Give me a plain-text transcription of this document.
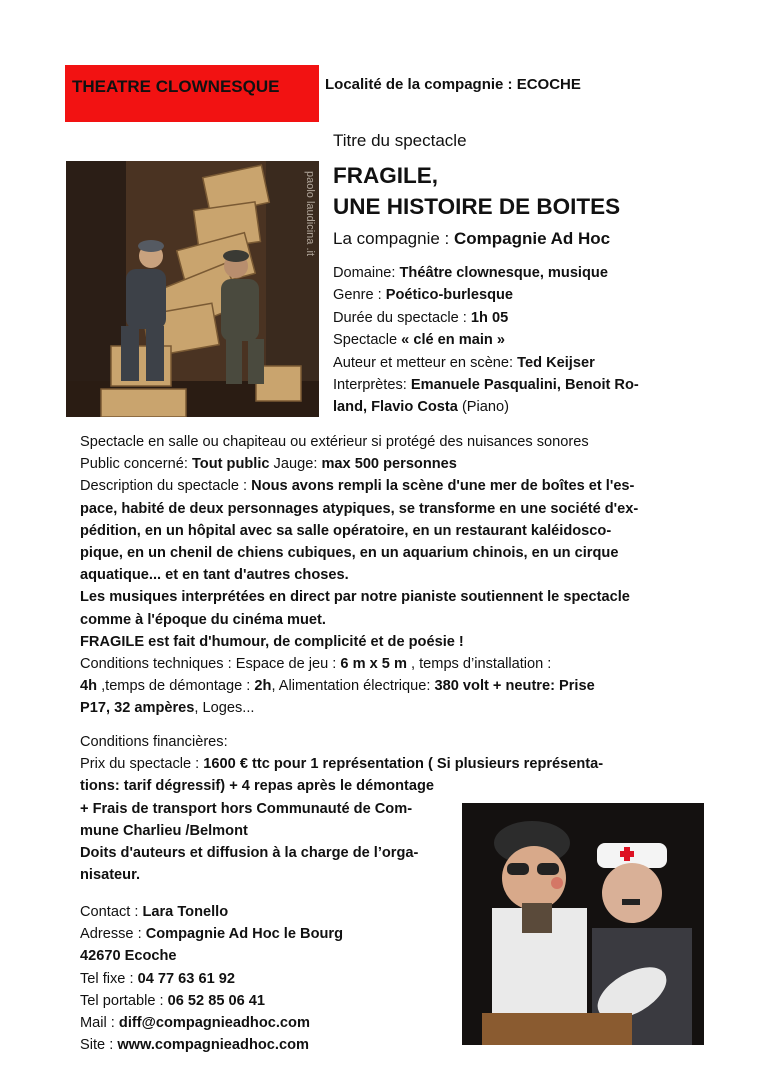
THEATRE CLOWNESQUE	Localité de la compagnie : ECOCHE
paolo laudicina .it
Titre du spectacle
FRAGILE,
UNE HISTOIRE DE BOITES
La compagnie : Compagnie Ad Hoc
Domaine: Théâtre clownesque, musique
Genre : Poético-burlesque
Durée du spectacle : 1h 05
Spectacle « clé en main »
Auteur et metteur en scène: Ted Keijser
Interprètes: Emanuele Pasqualini, Benoit Ro-
land, Flavio Costa (Piano)
Spectacle en salle ou chapiteau ou extérieur si protégé des nuisances sonores
Public concerné: Tout public Jauge: max 500 personnes
Description du spectacle : Nous avons rempli la scène d'une mer de boîtes et l'es-
pace, habité de deux personnages atypiques, se transforme en une société d'ex-
pédition, en un hôpital avec sa salle opératoire, en un restaurant kaléidosco-
pique, en un chenil de chiens cubiques, en un aquarium chinois, en un cirque
aquatique... et en tant d'autres choses.
Les musiques interprétées en direct par notre pianiste soutiennent le spectacle
comme à l'époque du cinéma muet.
FRAGILE est fait d'humour, de complicité et de poésie !
Conditions techniques : Espace de jeu : 6 m x 5 m , temps d’installation :
4h ,temps de démontage : 2h, Alimentation électrique: 380 volt + neutre: Prise
P17, 32 ampères, Loges...
Conditions financières:
Prix du spectacle : 1600 € ttc pour 1 représentation ( Si plusieurs représenta-
tions: tarif dégressif) + 4 repas après le démontage
+ Frais de transport hors Communauté de Com-
mune Charlieu /Belmont
Doits d'auteurs et diffusion à la charge de l’orga-
nisateur.
Contact : Lara Tonello
Adresse : Compagnie Ad Hoc le Bourg
42670 Ecoche
Tel fixe : 04 77 63 61 92
Tel portable : 06 52 85 06 41
Mail : diff@compagnieadhoc.com
Site : www.compagnieadhoc.com
